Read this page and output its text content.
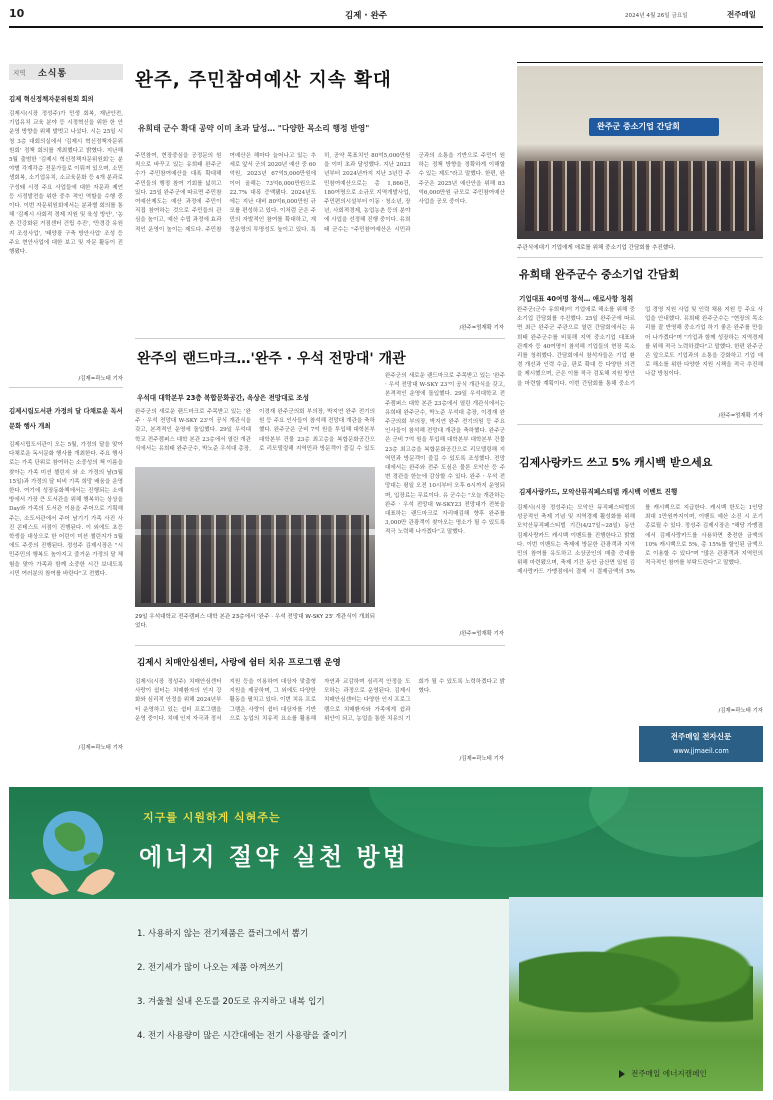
10	김제 · 완주	2024년 4월 26일 금요일	전주매일
지역 소식통
김제 혁신정책자문위원회 회의
김제시(시장 정성주)가 민생 회복, 재난안전, 기업유치 교육 분야 등 시정혁신을 위한 한 안 운영 방향을 위해 발벗고 나섰다. 시는 25일 시청 3층 대회의실에서 '김제시 혁신정책자문위원회' 정책 회의를 개최했다고 밝혔다. 지난해 5월 출범한 '김제시 혁신정책자문위원회'는 분야별 각계각층 전문가들로 이뤄져 있으며, 소민생회복, 소기업유치, 소교육문화 등 4개 분과로 구성돼 시정 주요 사업들에 대한 자문과 제언 등 시정발전을 위한 중추 적인 역할을 수행 중이다. 이번 자문위원회에서는 분과별 회의를 통해 '김제시 사회적 경제 지원 및 육성 방안', '농촌 간강화된 거점센터 건립 추진', '만경강 유원지 조성사업', '태양광 구축 방안사업' 조성 등 주요 현안사업에 대한 보고 및 자문 활동이 진행됐다.
/김제=곽노태 기자
김제시립도서관 가정의 달 다채로운 독서문화 행사 개최
김제시립도서관이 오는 5월, 가정의 달을 맞아 다채로운 독서문화 행사를 개최한다. 주요 행사로는 가족 단위로 참여하는 소중성의 책 이름을 찾아는 가족 미션 챌린지 와 소 가정의 날(5월15일)과 가정의 달 티비 기족 희망 배움을 운영한다. 여기에 성장동화책에서는 진행되는 소예방에서 가장 큰 도서관을 위해 행복하는 상상을 Day와 가족의 도서관 이용을 주어으로 기획해 주는, 소도서관에서 주어 남기기 가족 사진 사진 콘테스트 서점이 진행된다. 이 외에도 초등학생을 대상으로 한 어린이 미션 챌린지가 5월에도 주중의 진행된다. 정성주 김제시장은 "시민주민의 행복도 높아지고 즐거운 가정의 달 체험을 맞아 가족과 함께 소중한 시간 보내도록 시민 여러분의 참여를 바란다"고 전했다.
/김제=곽노태 기자
완주, 주민참여예산 지속 확대
유희태 군수 확대 공약 이미 초과 달성… "다양한 목소리 행정 반영"
주민참여, 현장중심을 공정문의 원칙으로 바꾸고 있는 유희태 완주군수가 주민참여예산을 대폭 확대해 주민들의 행정 참여 기회를 넓히고 있다. 25일 완주군에 따르면 주민참여예산제도는 예산 과정에 주민이 직접 참여하는 것으로 주민들의 관심을 높이고, 예산 수립 과정에 효과적인 운영이 높이는 제도다. 주민참여예산은 해마다 늘어나고 있는 추세로 앞서 군의 2020년 예산 중 60억원, 2023년 67억5,000만원에 이어 올해는 73억6,000만원으로 22.7% 대폭 증액됐다. 2024년도에는 지난 대비 80억6,000만원 규모를 편성하고 있다. 이처럼 군은 주민의 자발적인 참여를 확대하고, 재정운영의 투명성도 높이고 있다. 특히, 공약 목표치인 80억5,000만원을 이미 초과 달성했다. 지난 2023년부터 2024년까지 지난 3년간 주민참여예산으로는 총 1,866건, 180여명으로 소규모 지역개발사업, 주민편의시설부터 이동 · 청소년, 장년, 사회적경제, 농업농촌 등의 분야에 사업을 선정해 진행 중이다. 유희태 군수는 "주민참여예산은 시민과 군과의 소통을 기반으로 주민이 원하는 정책 방향을 정확하게 이해할 수 있는 제도"라고 말했다. 한편, 완주군은 2025년 예산안을 위해 83억6,000만원 규모로 주민참여예산사업을 공모 중이다.
/완주=엄재확 기자
완주군 중소기업 간담회
주관식에대기 기업에게 애로를 위해 중소기업 간담회를 추진했다.
유희태 완주군수 중소기업 간담회
기업대표 40여명 참석… 애로사항 청취
완주군(군수 유희태)이 기업애로 해소를 위해 중소기업 간담회를 추진했다. 25일 완주군에 따르면 최근 완주군 주관으로 열린 간담회에서는 유희태 완주군수를 비롯해 지역 중소기업 대표와 관계자 등 40여명이 참석해 기업들의 현장 목소리를 청취했다. 간담회에서 참석자들은 기업 환경 개선과 인력 수급, 판로 확대 등 다양한 의견을 제시했으며, 군은 이를 적극 검토해 지원 방안을 마련할 계획이다. 이번 간담회를 통해 중소기업 경영 지원 사업 및 인력 채용 지원 등 주요 사업을 안내했다. 유희태 완주군수는 "현장의 목소리를 잘 반영해 중소기업 하기 좋은 완주를 만들어 나가겠다"며 "기업과 함께 성장하는 지역경제를 위해 적극 노력하겠다"고 말했다. 한편 완주군은 앞으로도 기업과의 소통을 강화하고 기업 애로 해소를 위한 다양한 지원 시책을 적극 추진해 나갈 방침이다.
/완주=엄재확 기자
완주의 랜드마크…'완주 · 우석 전망대' 개관
우석대 대학본부 23층 복합문화공간, 옥상은 전망대로 조성
완주군의 새로운 랜드마크로 주목받고 있는 '완주 · 우석 전망대 W-SKY 23'이 공식 개관식을 갖고, 본격적인 운영에 돌입했다. 29일 우석대학교 전주캠퍼스 대학 본관 23층에서 열린 개관식에서는 유희태 완주군수, 박노준 우석대 총장, 이경재 완주군의회 부의장, 박지연 완주 전기의원 등 주요 인사들이 참석해 전망대 개관을 축하했다. 완주군은 군비 7억 원을 투입해 대학본부 대학본부 건물 23층 최고층을 복합문화공간으로 리모델링해 지역민과 방문객이 즐길 수 있도
29일 우석대학교 전주캠퍼스 대학 본관 23층에서 '완주 · 우석 전망대 W-SKY 23' 개관식이 개최되었다.
완주군의 새로운 랜드마크로 주목받고 있는 '완주 · 우석 전망대 W-SKY 23'이 공식 개관식을 갖고, 본격적인 운영에 돌입했다. 29일 우석대학교 전주캠퍼스 대학 본관 23층에서 열린 개관식에서는 유희태 완주군수, 박노준 우석대 총장, 이경재 완주군의회 부의장, 박지연 완주 전기의원 등 주요 인사들이 참석해 전망대 개관을 축하했다. 완주군은 군비 7억 원을 투입해 대학본부 대학본부 건물 23층 최고층을 복합문화공간으로 리모델링해 지역민과 방문객이 즐길 수 있도록 조성했다. 전망대에서는 완주와 전주 도심은 물론 모악산 등 주변 경관을 한눈에 감상할 수 있다. 완주 · 우석 전망대는 평일 오전 10시부터 오후 6시까지 운영되며, 입장료는 무료이다. 유 군수는 "오늘 개관하는 완주 · 우석 전망대 W-SKY23 전망대가 전북을 대표하는 랜드마크로 자리매김해 향후 완주를 3,000만 관광객이 찾아오는 명소가 될 수 있도록 적극 노력해 나가겠다"고 말했다.
/완주=엄재확 기자
김제시 치매안심센터, 사랑에 쉼터 치유 프로그램 운영
김제시(시장 정성주) 치매안심센터 사랑이 쉼터는 치매환자의 인지 강화와 심리적 안정을 위해 2024년부터 운영하고 있는 쉼터 프로그램을 운영 중이다. 치매 인지 자극과 정서 지원 등을 이용하여 대상자 맞춤형 지원을 제공하며, 그 외에도 다양한 활동을 펼치고 있다. 이번 치유 프로그램은 사랑이 쉼터 대상자를 기반으로 농업의 치유적 요소를 활용해 자연과 교감하며 심리적 안정을 도모하는 과정으로 운영된다. 김제시 치매안심센터는 다양한 인지 프로그램으로 치매환자와 가족에게 쉼과 위안이 되고, 농업을 통한 치유의 기회가 될 수 있도록 노력하겠다고 밝혔다.
/김제=곽노태 기자
김제사랑카드 쓰고 5% 캐시백 받으세요
김제사랑카드, 모악산뮤직페스티벌 캐시백 이벤트 진행
김제시(시장 정성주)는 모악산 뮤직페스티벌의 성공적인 축제 기념 및 지역경제 활성화를 위해 모악산뮤직페스티벌 기간(4/27일~28일) 동안 김제사랑카드 캐시백 이벤트를 진행한다고 밝혔다. 이번 이벤트는 축제에 방문한 관광객과 지역민의 참여를 유도하고 소상공인의 매출 증대를 위해 마련됐으며, 축제 기간 동안 금산면 일원 김제사랑카드 가맹점에서 결제 시 결제금액의 5%를 캐시백으로 지급한다. 캐시백 한도는 1인당 최대 1만원까지이며, 이벤트 예산 소진 시 조기 종료될 수 있다. 정성주 김제시장은 "해당 가맹점에서 김제사랑카드를 사용하면 충전한 금액의 10% 캐시백으로 5%, 총 15%를 할인된 금액으로 이용할 수 있다"며 "많은 관광객과 지역민의 적극적인 참여를 부탁드린다"고 말했다.
/김제=곽노태 기자
전주매일 전자신문
www.jjmaeil.com
지구를 시원하게 식혀주는
에너지 절약 실천 방법
1. 사용하지 않는 전기제품은 플러그에서 뽑기
2. 전기세가 많이 나오는 제품 아껴쓰기
3. 겨울철 실내 온도를 20도로 유지하고 내복 입기
4. 전기 사용량이 많은 시간대에는 전기 사용량을 줄이기
전주매일 에너지캠페인
